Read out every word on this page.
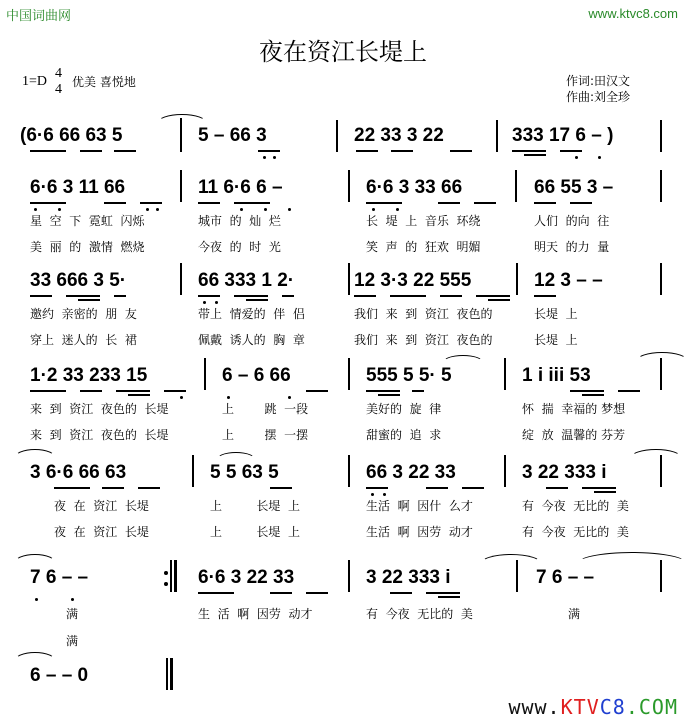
中国词曲网	www.ktvc8.com
夜在资江长堤上
$1=D \frac{4}{4}$ 优美 喜悦地	作词:田汉文
作曲:刘全珍
(6·6 66 63 5	5 – 66 3	22 33 3 22	333 17 6 – )
6·6 3 11 66	11 6·6 6 –	6·6 3 33 66	66 55 3 –
星  空  下  霓虹  闪烁	城市  的  灿  烂	长  堤  上  音乐  环绕	人们  的向  往
美  丽  的  激情  燃烧	今夜  的  时  光	笑  声  的  狂欢  明媚	明天  的力  量
33 666 3 5·	66 333 1 2·	12 3·3 22 555	12 3 – –
邀约  亲密的  朋  友	带上  情爱的  伴  侣	我们  来  到  资江  夜色的	长堤  上
穿上  迷人的  长  裙	佩戴  诱人的  胸  章	我们  来  到  资江  夜色的	长堤  上
1·2 33 233 15	6 – 6 66	555 5 5· 5	1 i iii 53
来  到  资江  夜色的  长堤	上        跳  一段	美好的  旋  律	怀  揣  幸福的 梦想
来  到  资江  夜色的  长堤	上        摆  一摆	甜蜜的  追  求	绽  放  温馨的 芬芳
3 6·6 66 63	5 5 63 5	66 3 22 33	3 22 333 i
夜  在  资江  长堤	上         长堤  上	生活  啊  因什  么才	有  今夜  无比的  美
夜  在  资江  长堤	上         长堤  上	生活  啊  因劳  动才	有  今夜  无比的  美
7 6 – –	6·6 3 22 33	3 22 333 i	7 6 – –
满	生  活  啊  因劳  动才	有  今夜  无比的  美	满
满
6 – – 0
www.KTVC8.COM
